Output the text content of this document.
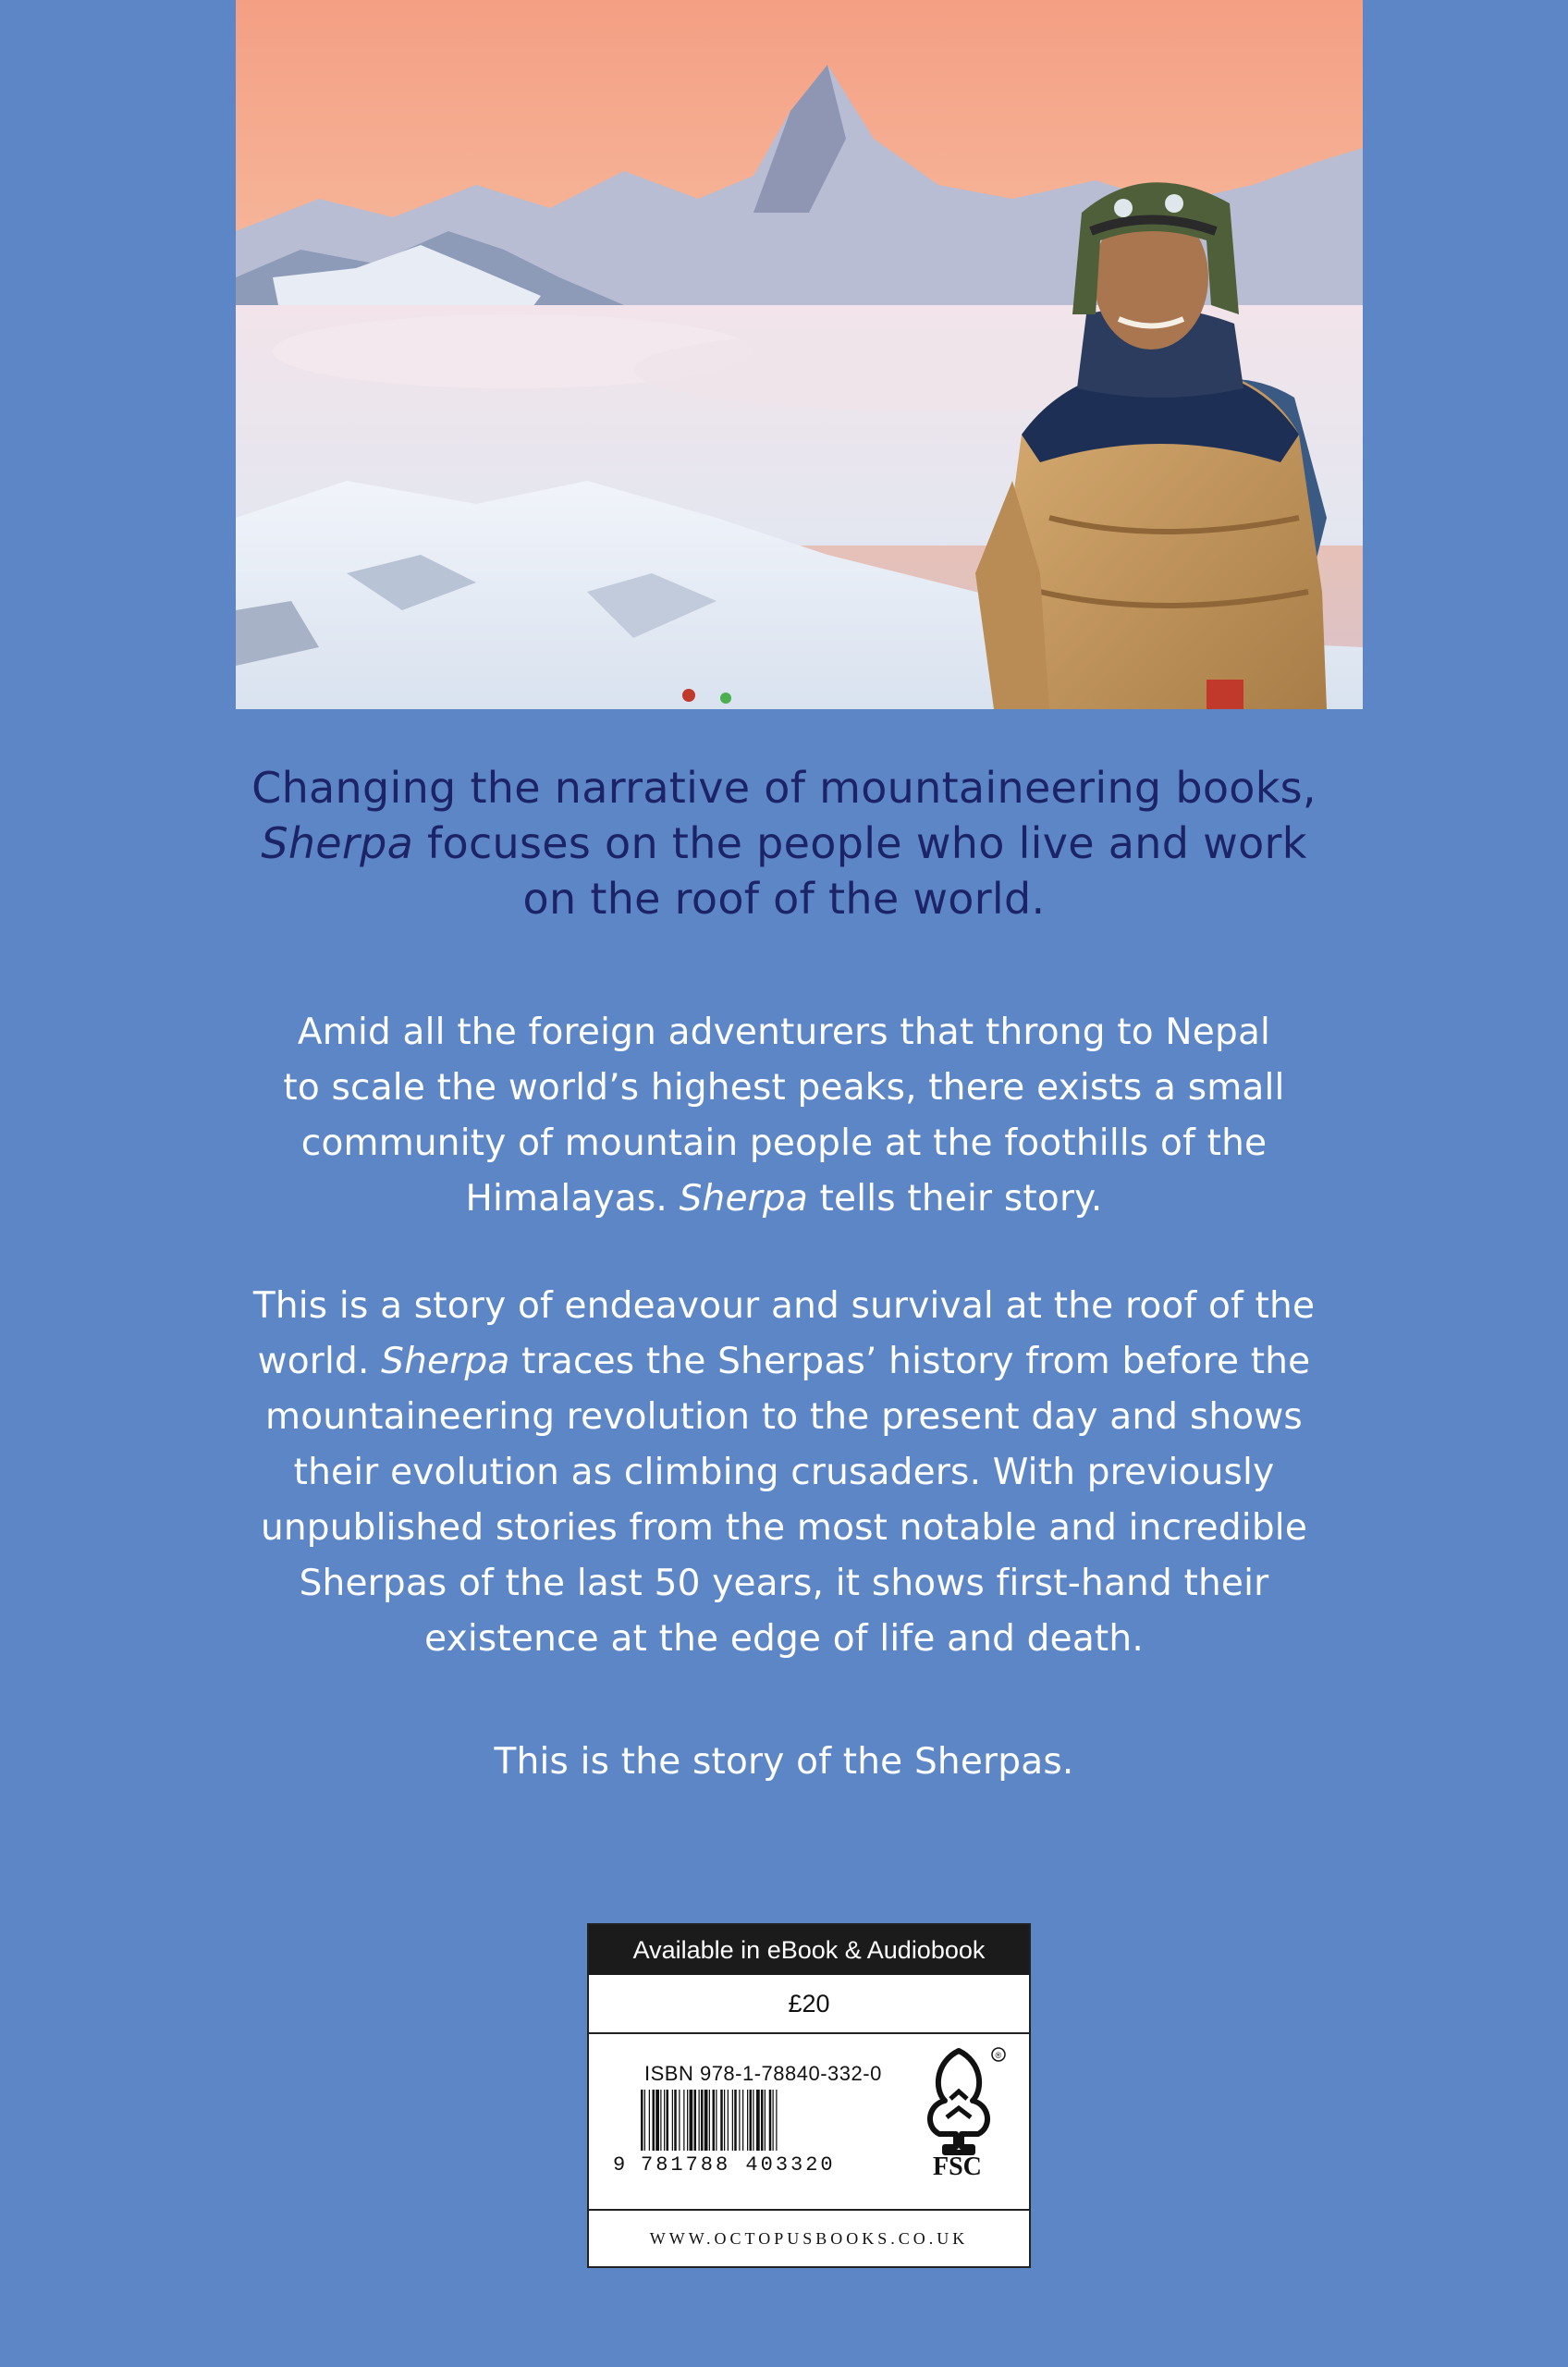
Changing the narrative of mountaineering books,
Sherpa focuses on the people who live and work
on the roof of the world.

Amid all the foreign adventurers that throng to Nepal
to scale the world’s highest peaks, there exists a small
community of mountain people at the foothills of the
Himalayas. Sherpa tells their story.

This is a story of endeavour and survival at the roof of the
world. Sherpa traces the Sherpas’ history from before the
mountaineering revolution to the present day and shows
their evolution as climbing crusaders. With previously
unpublished stories from the most notable and incredible
Sherpas of the last 50 years, it shows first-hand their
existence at the edge of life and death.

This is the story of the Sherpas.

Available in eBook & Audiobook
£20
ISBN 978-1-78840-332-0
9 781788 403320
®
FSC
WWW.OCTOPUSBOOKS.CO.UK
